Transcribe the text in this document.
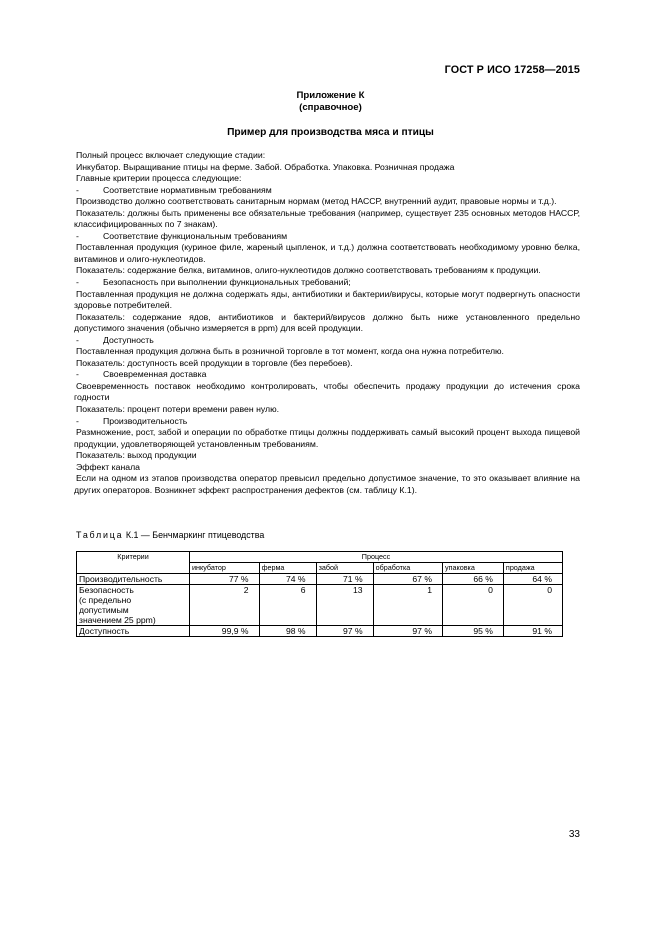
ГОСТ Р ИСО 17258—2015
Приложение К
(справочное)
Пример для производства мяса и птицы

Полный процесс включает следующие стадии:

Инкубатор. Выращивание птицы на ферме. Забой. Обработка. Упаковка. Розничная продажа

Главные критерии процесса следующие:

-	Соответствие нормативным требованиям

Производство должно соответствовать санитарным нормам (метод НАССР, внутренний аудит, правовые нормы и т.д.).

Показатель: должны быть применены все обязательные требования (например, существует 235 основных методов НАССР, классифицированных по 7 знакам).

-	Соответствие функциональным требованиям

Поставленная продукция (куриное филе, жареный цыпленок, и т.д.) должна соответствовать необходимому уровню белка, витаминов и олиго-нуклеотидов.

Показатель: содержание белка, витаминов, олиго-нуклеотидов должно соответствовать требованиям к продукции.

-	Безопасность при выполнении функциональных требований;

Поставленная продукция не должна содержать яды, антибиотики и бактерии/вирусы, которые могут подвергнуть опасности здоровье потребителей.

Показатель: содержание ядов, антибиотиков и бактерий/вирусов должно быть ниже установленного предельно допустимого значения (обычно измеряется в ppm) для всей продукции.

-	Доступность

Поставленная продукция должна быть в розничной торговле в тот момент, когда она нужна потребителю.

Показатель: доступность всей продукции в торговле (без перебоев).

-	Своевременная доставка

Своевременность поставок необходимо контролировать, чтобы обеспечить продажу продукции до истечения срока годности

Показатель: процент потери времени равен нулю.

-	Производительность

Размножение, рост, забой и операции по обработке птицы должны поддерживать самый высокий процент выхода пищевой продукции, удовлетворяющей установленным требованиям.

Показатель: выход продукции

Эффект канала

Если на одном из этапов производства оператор превысил предельно допустимое значение, то это оказывает влияние на других операторов. Возникнет эффект распространения дефектов (см. таблицу К.1).

Таблица К.1 — Бенчмаркинг птицеводства
Критерии	Процесс					
	инкубатор	ферма	забой	обработка	упаковка	продажа
Производительность	77 %	74 %	71 %	67 %	66 %	64 %

Безопасность
(с предельно
допустимым
значением 25 ppm)	2	6	13	1	0	0
Доступность	99,9 %	98 %	97 %	97 %	95 %	91 %
33
